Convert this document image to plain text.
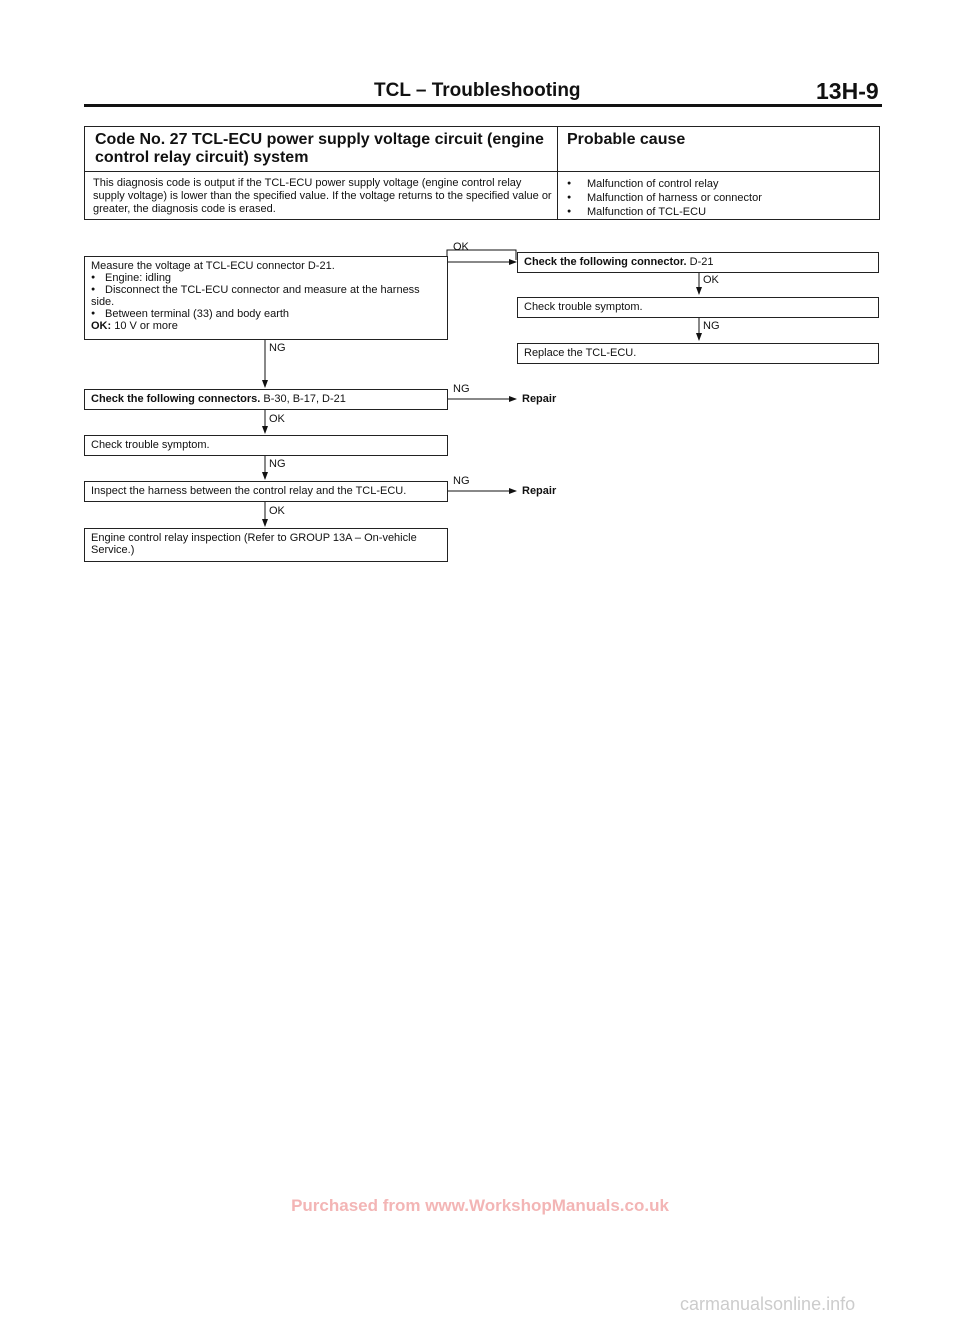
TCL – Troubleshooting	13H-9
Code No. 27 TCL-ECU power supply voltage circuit (engine control relay circuit) system
Probable cause
This diagnosis code is output if the TCL-ECU power supply voltage (engine control relay supply voltage) is lower than the specified value. If the voltage returns to the specified value or greater, the diagnosis code is erased.
● Malfunction of control relay
● Malfunction of harness or connector
● Malfunction of TCL-ECU
Measure the voltage at TCL-ECU connector D-21.
● Engine: idling
● Disconnect the TCL-ECU connector and measure at the harness side.
● Between terminal (33) and body earth
OK: 10 V or more
Check the following connectors. B-30, B-17, D-21
Check trouble symptom.
Inspect the harness between the control relay and the TCL-ECU.
Engine control relay inspection (Refer to GROUP 13A – On-vehicle Service.)
Check the following connector. D-21
Check trouble symptom.
Replace the TCL-ECU.
OK
OK
NG
NG
NG
OK
NG
NG
OK
Repair
Repair
Purchased from www.WorkshopManuals.co.uk
carmanualsonline.info
